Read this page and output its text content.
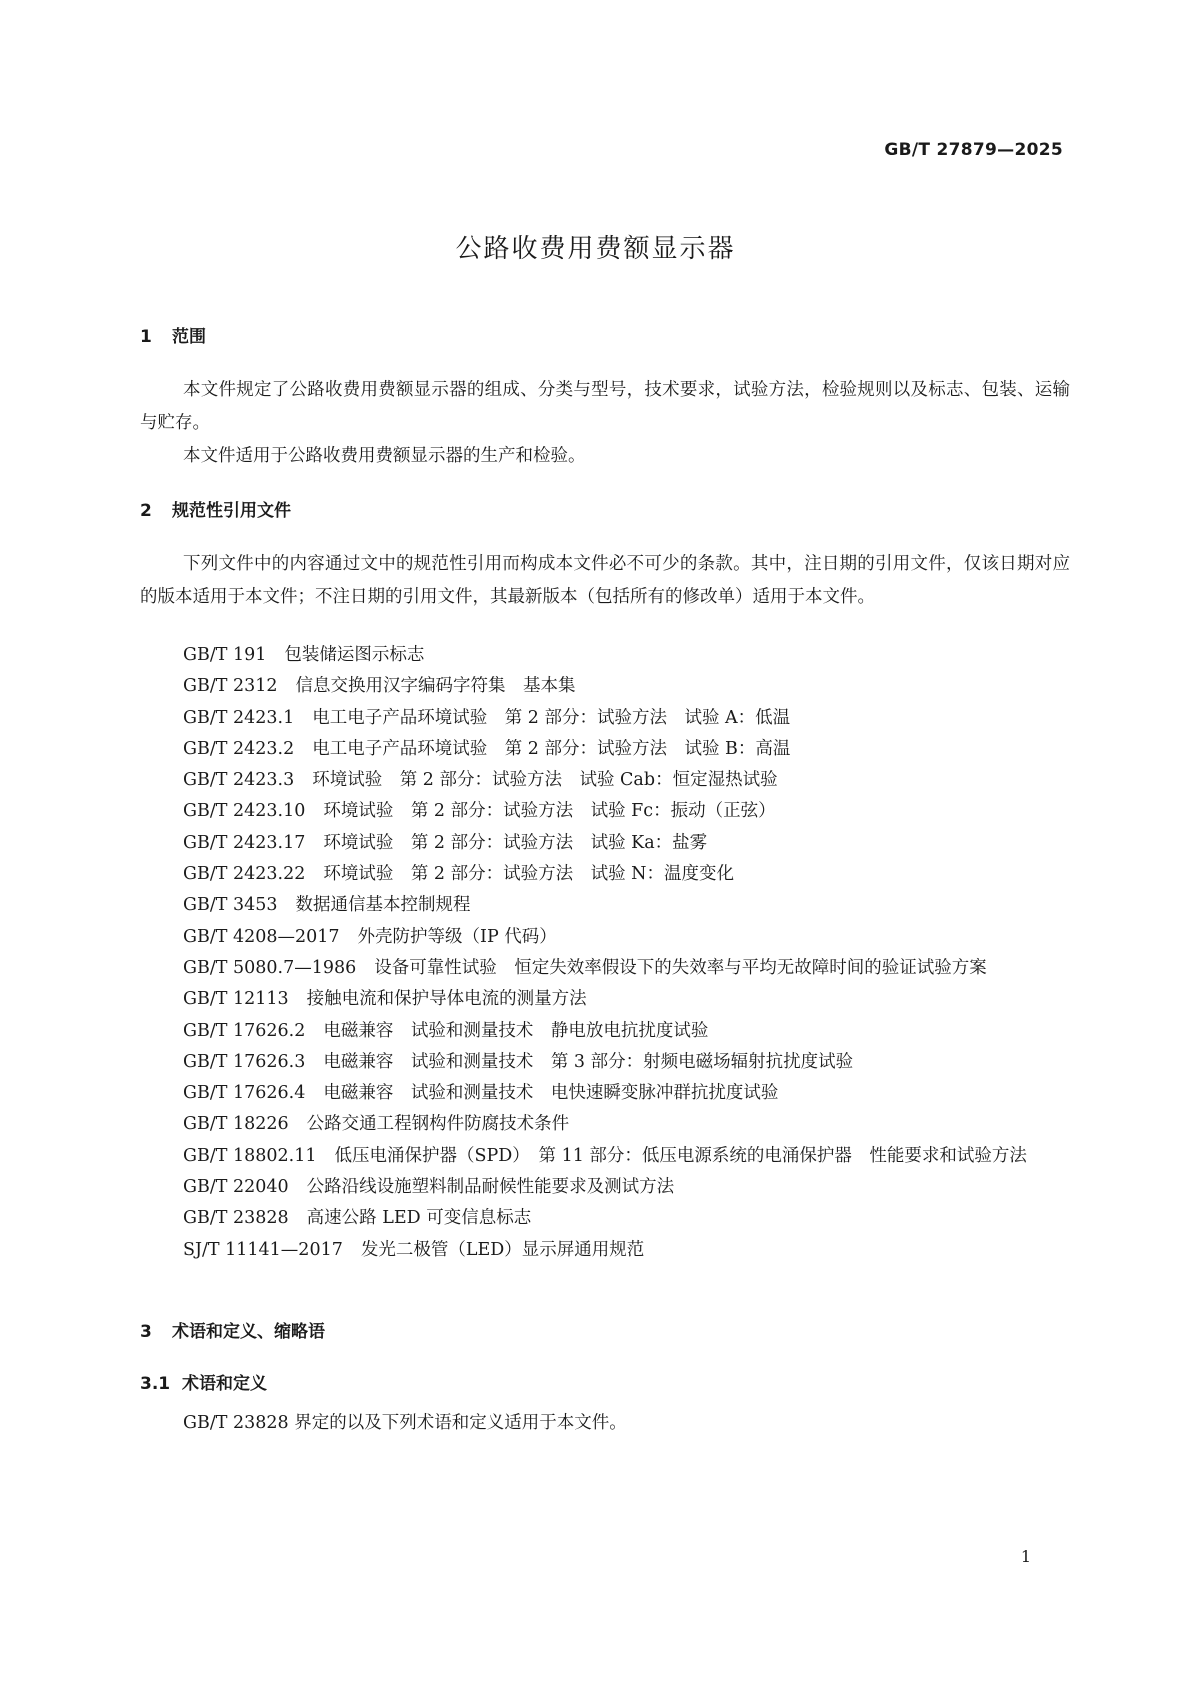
GB/T 27879—2025
公路收费用费额显示器
1 范围

本文件规定了公路收费用费额显示器的组成、分类与型号，技术要求，试验方法，检验规则以及标志、包装、运输与贮存。

本文件适用于公路收费用费额显示器的生产和检验。

2 规范性引用文件

下列文件中的内容通过文中的规范性引用而构成本文件必不可少的条款。其中，注日期的引用文件，仅该日期对应的版本适用于本文件；不注日期的引用文件，其最新版本（包括所有的修改单）适用于本文件。

GB/T 191 包装储运图示标志
GB/T 2312 信息交换用汉字编码字符集　基本集
GB/T 2423.1 电工电子产品环境试验　第 2 部分：试验方法　试验 A：低温
GB/T 2423.2 电工电子产品环境试验　第 2 部分：试验方法　试验 B：高温
GB/T 2423.3 环境试验　第 2 部分：试验方法　试验 Cab：恒定湿热试验
GB/T 2423.10 环境试验　第 2 部分：试验方法　试验 Fc：振动（正弦）
GB/T 2423.17 环境试验　第 2 部分：试验方法　试验 Ka：盐雾
GB/T 2423.22 环境试验　第 2 部分：试验方法　试验 N：温度变化
GB/T 3453 数据通信基本控制规程
GB/T 4208—2017 外壳防护等级（IP 代码）
GB/T 5080.7—1986 设备可靠性试验　恒定失效率假设下的失效率与平均无故障时间的验证试验方案
GB/T 12113 接触电流和保护导体电流的测量方法
GB/T 17626.2 电磁兼容　试验和测量技术　静电放电抗扰度试验
GB/T 17626.3 电磁兼容　试验和测量技术　第 3 部分：射频电磁场辐射抗扰度试验
GB/T 17626.4 电磁兼容　试验和测量技术　电快速瞬变脉冲群抗扰度试验
GB/T 18226 公路交通工程钢构件防腐技术条件
GB/T 18802.11 低压电涌保护器（SPD）　第 11 部分：低压电源系统的电涌保护器　性能要求和试验方法
GB/T 22040 公路沿线设施塑料制品耐候性能要求及测试方法
GB/T 23828 高速公路 LED 可变信息标志
SJ/T 11141—2017 发光二极管（LED）显示屏通用规范
3 术语和定义、缩略语
3.1 术语和定义

GB/T 23828 界定的以及下列术语和定义适用于本文件。

1
